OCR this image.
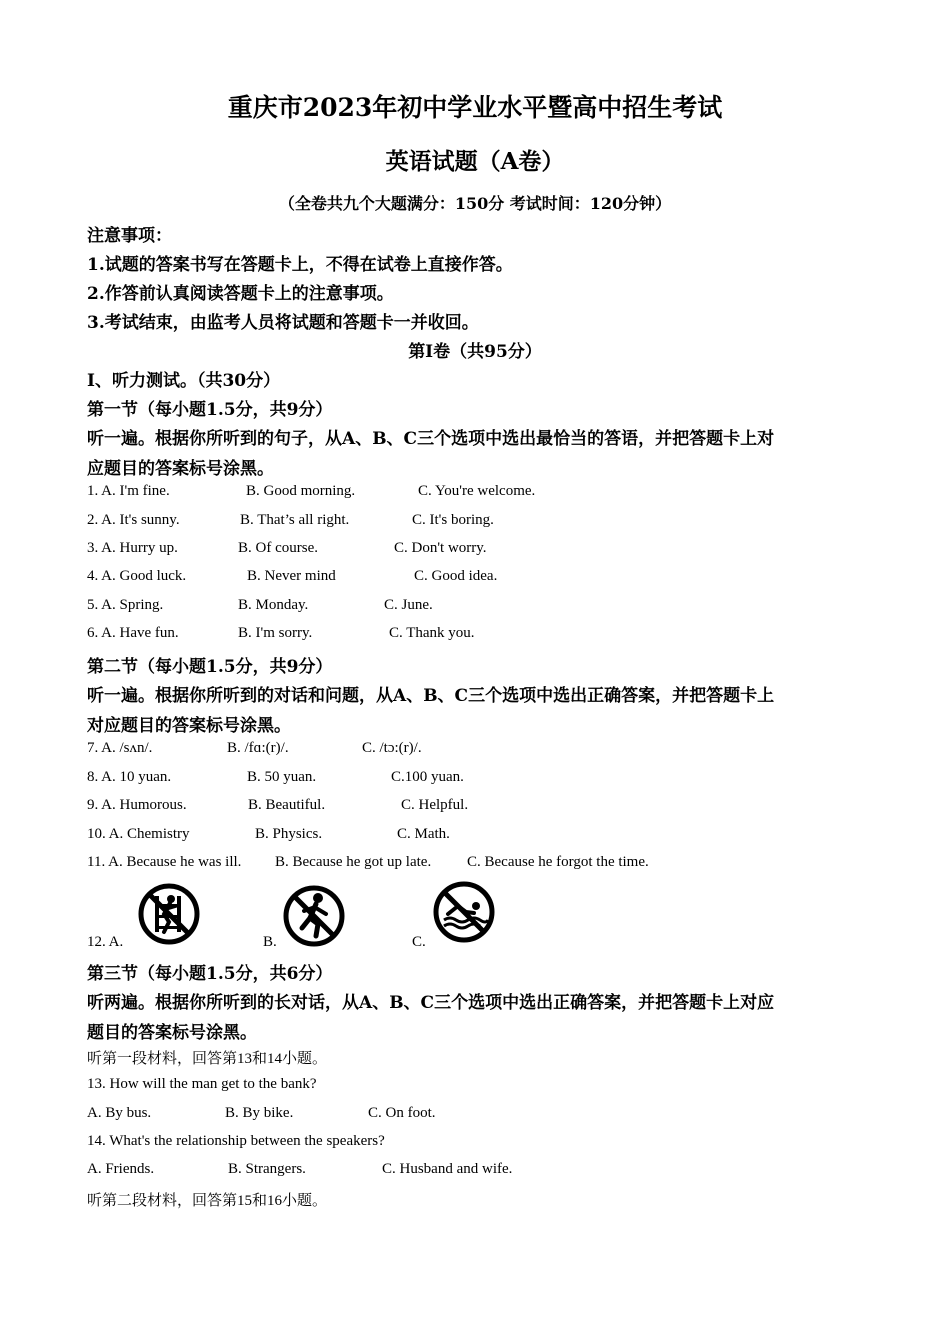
重庆市2023年初中学业水平暨高中招生考试
英语试题（A卷）
（全卷共九个大题满分：150分 考试时间：120分钟）
注意事项：
1.试题的答案书写在答题卡上，不得在试卷上直接作答。
2.作答前认真阅读答题卡上的注意事项。
3.考试结束，由监考人员将试题和答题卡一并收回。
第Ⅰ卷（共95分）
Ⅰ、听力测试。（共30分）
第一节（每小题1.5分，共9分）
听一遍。根据你所听到的句子，从A、B、C三个选项中选出最恰当的答语，并把答题卡上对
应题目的答案标号涂黑。
1. A. I'm fine.	B. Good morning.	C. You're welcome.
2. A. It's sunny.	B. That’s all right.	C. It's boring.
3. A. Hurry up.	B. Of course.	C. Don't worry.
4. A. Good luck.	B. Never mind	C. Good idea.
5. A. Spring.	B. Monday.	C. June.
6. A. Have fun.	B. I'm sorry.	C. Thank you.
第二节（每小题1.5分，共9分）
听一遍。根据你所听到的对话和问题，从A、B、C三个选项中选出正确答案，并把答题卡上
对应题目的答案标号涂黑。
7. A. /sʌn/.	B. /fɑ:(r)/.	C. /tɔ:(r)/.
8. A. 10 yuan.	B. 50 yuan.	C.100 yuan.
9. A. Humorous.	B. Beautiful.	C. Helpful.
10. A. Chemistry	B. Physics.	C. Math.
11. A. Because he was ill. B. Because he got up late. C. Because he forgot the time.
12. A.	B.	C.
第三节（每小题1.5分，共6分）
听两遍。根据你所听到的长对话，从A、B、C三个选项中选出正确答案，并把答题卡上对应
题目的答案标号涂黑。
听第一段材料，回答第13和14小题。
13. How will the man get to the bank?
A. By bus.	B. By bike.	C. On foot.
14. What's the relationship between the speakers?
A. Friends.	B. Strangers.	C. Husband and wife.
听第二段材料，回答第15和16小题。
